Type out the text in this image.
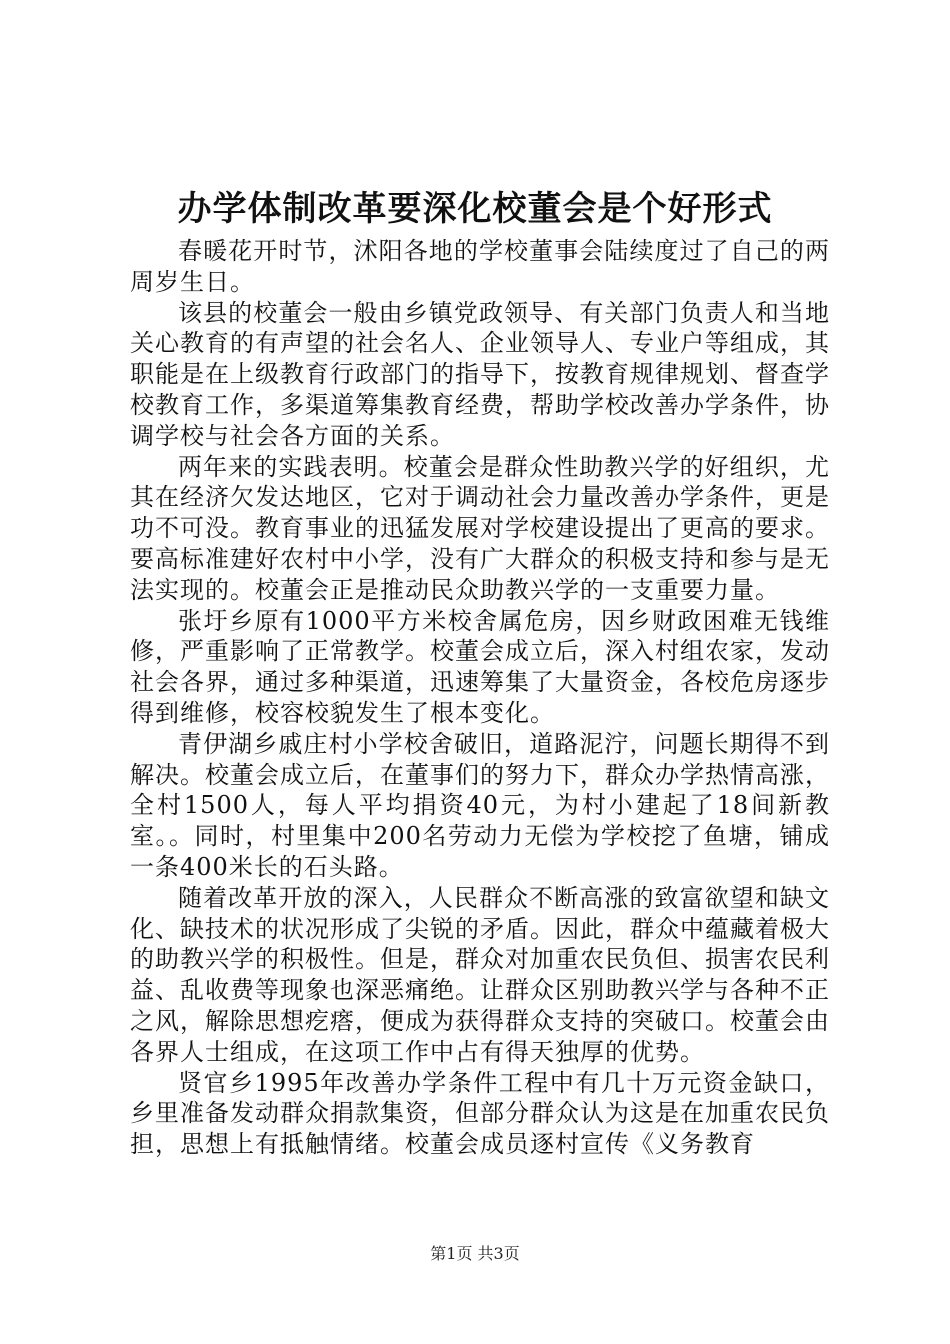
办学体制改革要深化校董会是个好形式

春暖花开时节，沭阳各地的学校董事会陆续度过了自己的两周岁生日。

该县的校董会一般由乡镇党政领导、有关部门负责人和当地关心教育的有声望的社会名人、企业领导人、专业户等组成，其职能是在上级教育行政部门的指导下，按教育规律规划、督查学校教育工作，多渠道筹集教育经费，帮助学校改善办学条件，协调学校与社会各方面的关系。

两年来的实践表明。校董会是群众性助教兴学的好组织，尤其在经济欠发达地区，它对于调动社会力量改善办学条件，更是功不可没。教育事业的迅猛发展对学校建设提出了更高的要求。要高标准建好农村中小学，没有广大群众的积极支持和参与是无法实现的。校董会正是推动民众助教兴学的一支重要力量。

张圩乡原有1000平方米校舍属危房，因乡财政困难无钱维修，严重影响了正常教学。校董会成立后，深入村组农家，发动社会各界，通过多种渠道，迅速筹集了大量资金，各校危房逐步得到维修，校容校貌发生了根本变化。

青伊湖乡戚庄村小学校舍破旧，道路泥泞，问题长期得不到解决。校董会成立后，在董事们的努力下，群众办学热情高涨，全村1500人，每人平均捐资40元，为村小建起了18间新教室。。同时，村里集中200名劳动力无偿为学校挖了鱼塘，铺成一条400米长的石头路。

随着改革开放的深入，人民群众不断高涨的致富欲望和缺文化、缺技术的状况形成了尖锐的矛盾。因此，群众中蕴藏着极大的助教兴学的积极性。但是，群众对加重农民负但、损害农民利益、乱收费等现象也深恶痛绝。让群众区别助教兴学与各种不正之风，解除思想疙瘩，便成为获得群众支持的突破口。校董会由各界人士组成，在这项工作中占有得天独厚的优势。

贤官乡1995年改善办学条件工程中有几十万元资金缺口，乡里准备发动群众捐款集资，但部分群众认为这是在加重农民负担，思想上有抵触情绪。校董会成员逐村宣传《义务教育

第1页 共3页
